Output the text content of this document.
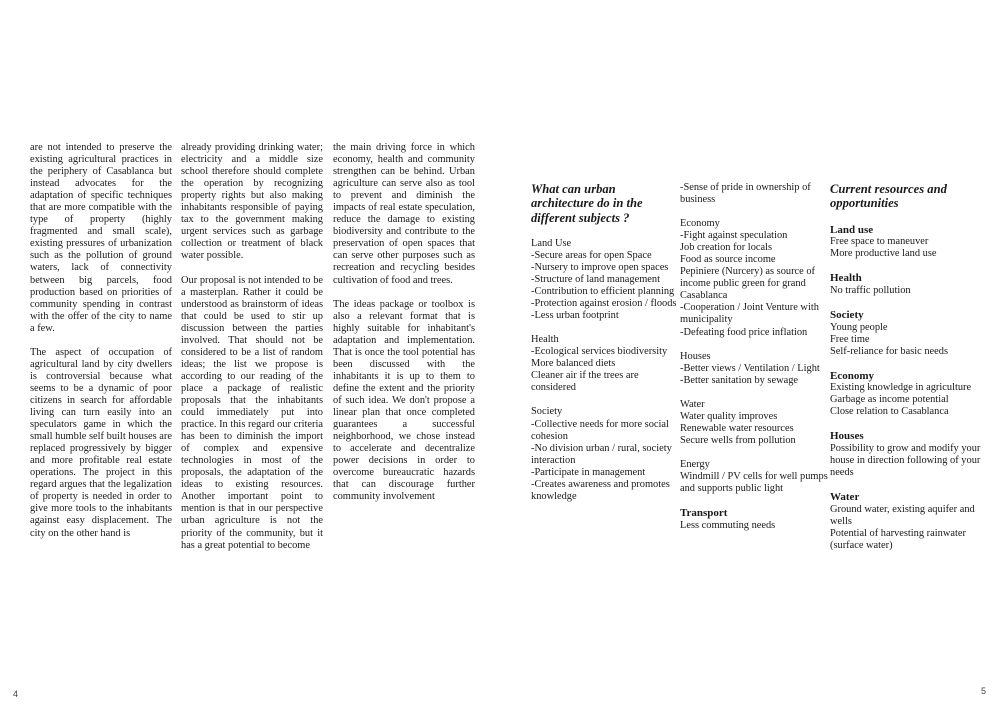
are not intended to preserve the existing agricultural practices in the periphery of Casablanca but instead advocates for the adaptation of specific techniques that are more compatible with the type of property (highly fragmented and small scale), existing pressures of urbanization such as the pollution of ground waters, lack of connectivity between big parcels, food production based on priorities of community spending in contrast with the offer of the city to name a few.

The aspect of occupation of agricultural land by city dwellers is controversial because what seems to be a dynamic of poor citizens in search for affordable living can turn easily into an speculators game in which the small humble self built houses are replaced progressively by bigger and more profitable real estate operations. The project in this regard argues that the legalization of property is needed in order to give more tools to the inhabitants against easy displacement. The city on the other hand is

already providing drinking water; electricity and a middle size school therefore should complete the operation by recognizing property rights but also making inhabitants responsible of paying tax to the government making urgent services such as garbage collection or treatment of black water possible.

Our proposal is not intended to be a masterplan. Rather it could be understood as brainstorm of ideas that could be used to stir up discussion between the parties involved. That should not be considered to be a list of random ideas; the list we propose is according to our reading of the place a package of realistic proposals that the inhabitants could immediately put into practice. In this regard our criteria has been to diminish the import of complex and expensive technologies in most of the proposals, the adaptation of the ideas to existing resources. Another important point to mention is that in our perspective urban agriculture is not the priority of the community, but it has a great potential to become

the main driving force in which economy, health and community strengthen can be behind. Urban agriculture can serve also as tool to prevent and diminish the impacts of real estate speculation, reduce the damage to existing biodiversity and contribute to the preservation of open spaces that can serve other purposes such as recreation and recycling besides cultivation of food and trees.

The ideas package or toolbox is also a relevant format that is highly suitable for inhabitant's adaptation and implementation. That is once the tool potential has been discussed with the inhabitants it is up to them to define the extent and the priority of such idea. We don't propose a linear plan that once completed guarantees a successful neighborhood, we chose instead to accelerate and decentralize power decisions in order to overcome bureaucratic hazards that can discourage further community involvement

4
What can urban architecture do in the different subjects ?

Land Use

-Secure areas for open Space

-Nursery to improve open spaces

-Structure of land management

-Contribution to efficient planning

-Protection against erosion / floods

-Less urban footprint

Health

-Ecological services biodiversity

More balanced diets

Cleaner air if the trees are considered

Society

-Collective needs for more social cohesion

-No division urban / rural, society interaction

-Participate in management

-Creates awareness and promotes knowledge

-Sense of pride in ownership of business

Economy

-Fight against speculation

Job creation for locals

Food as source income

Pepiniere (Nurcery) as source of income public green for grand Casablanca

-Cooperation / Joint Venture with municipality

-Defeating food price inflation

Houses

-Better views / Ventilation / Light

-Better sanitation by sewage

Water

Water quality improves

Renewable water resources

Secure wells from pollution

Energy

Windmill / PV cells for well pumps and supports public light

Transport

Less commuting needs

Current resources and opportunities

Land use

Free space to maneuver

More productive land use

Health

No traffic pollution

Society

Young people

Free time

Self-reliance for basic needs

Economy

Existing knowledge in agriculture

Garbage as income potential

Close relation to Casablanca

Houses

Possibility to grow and modify your house in direction following of your needs

Water

Ground water, existing aquifer and wells

Potential of harvesting rainwater (surface water)

5
